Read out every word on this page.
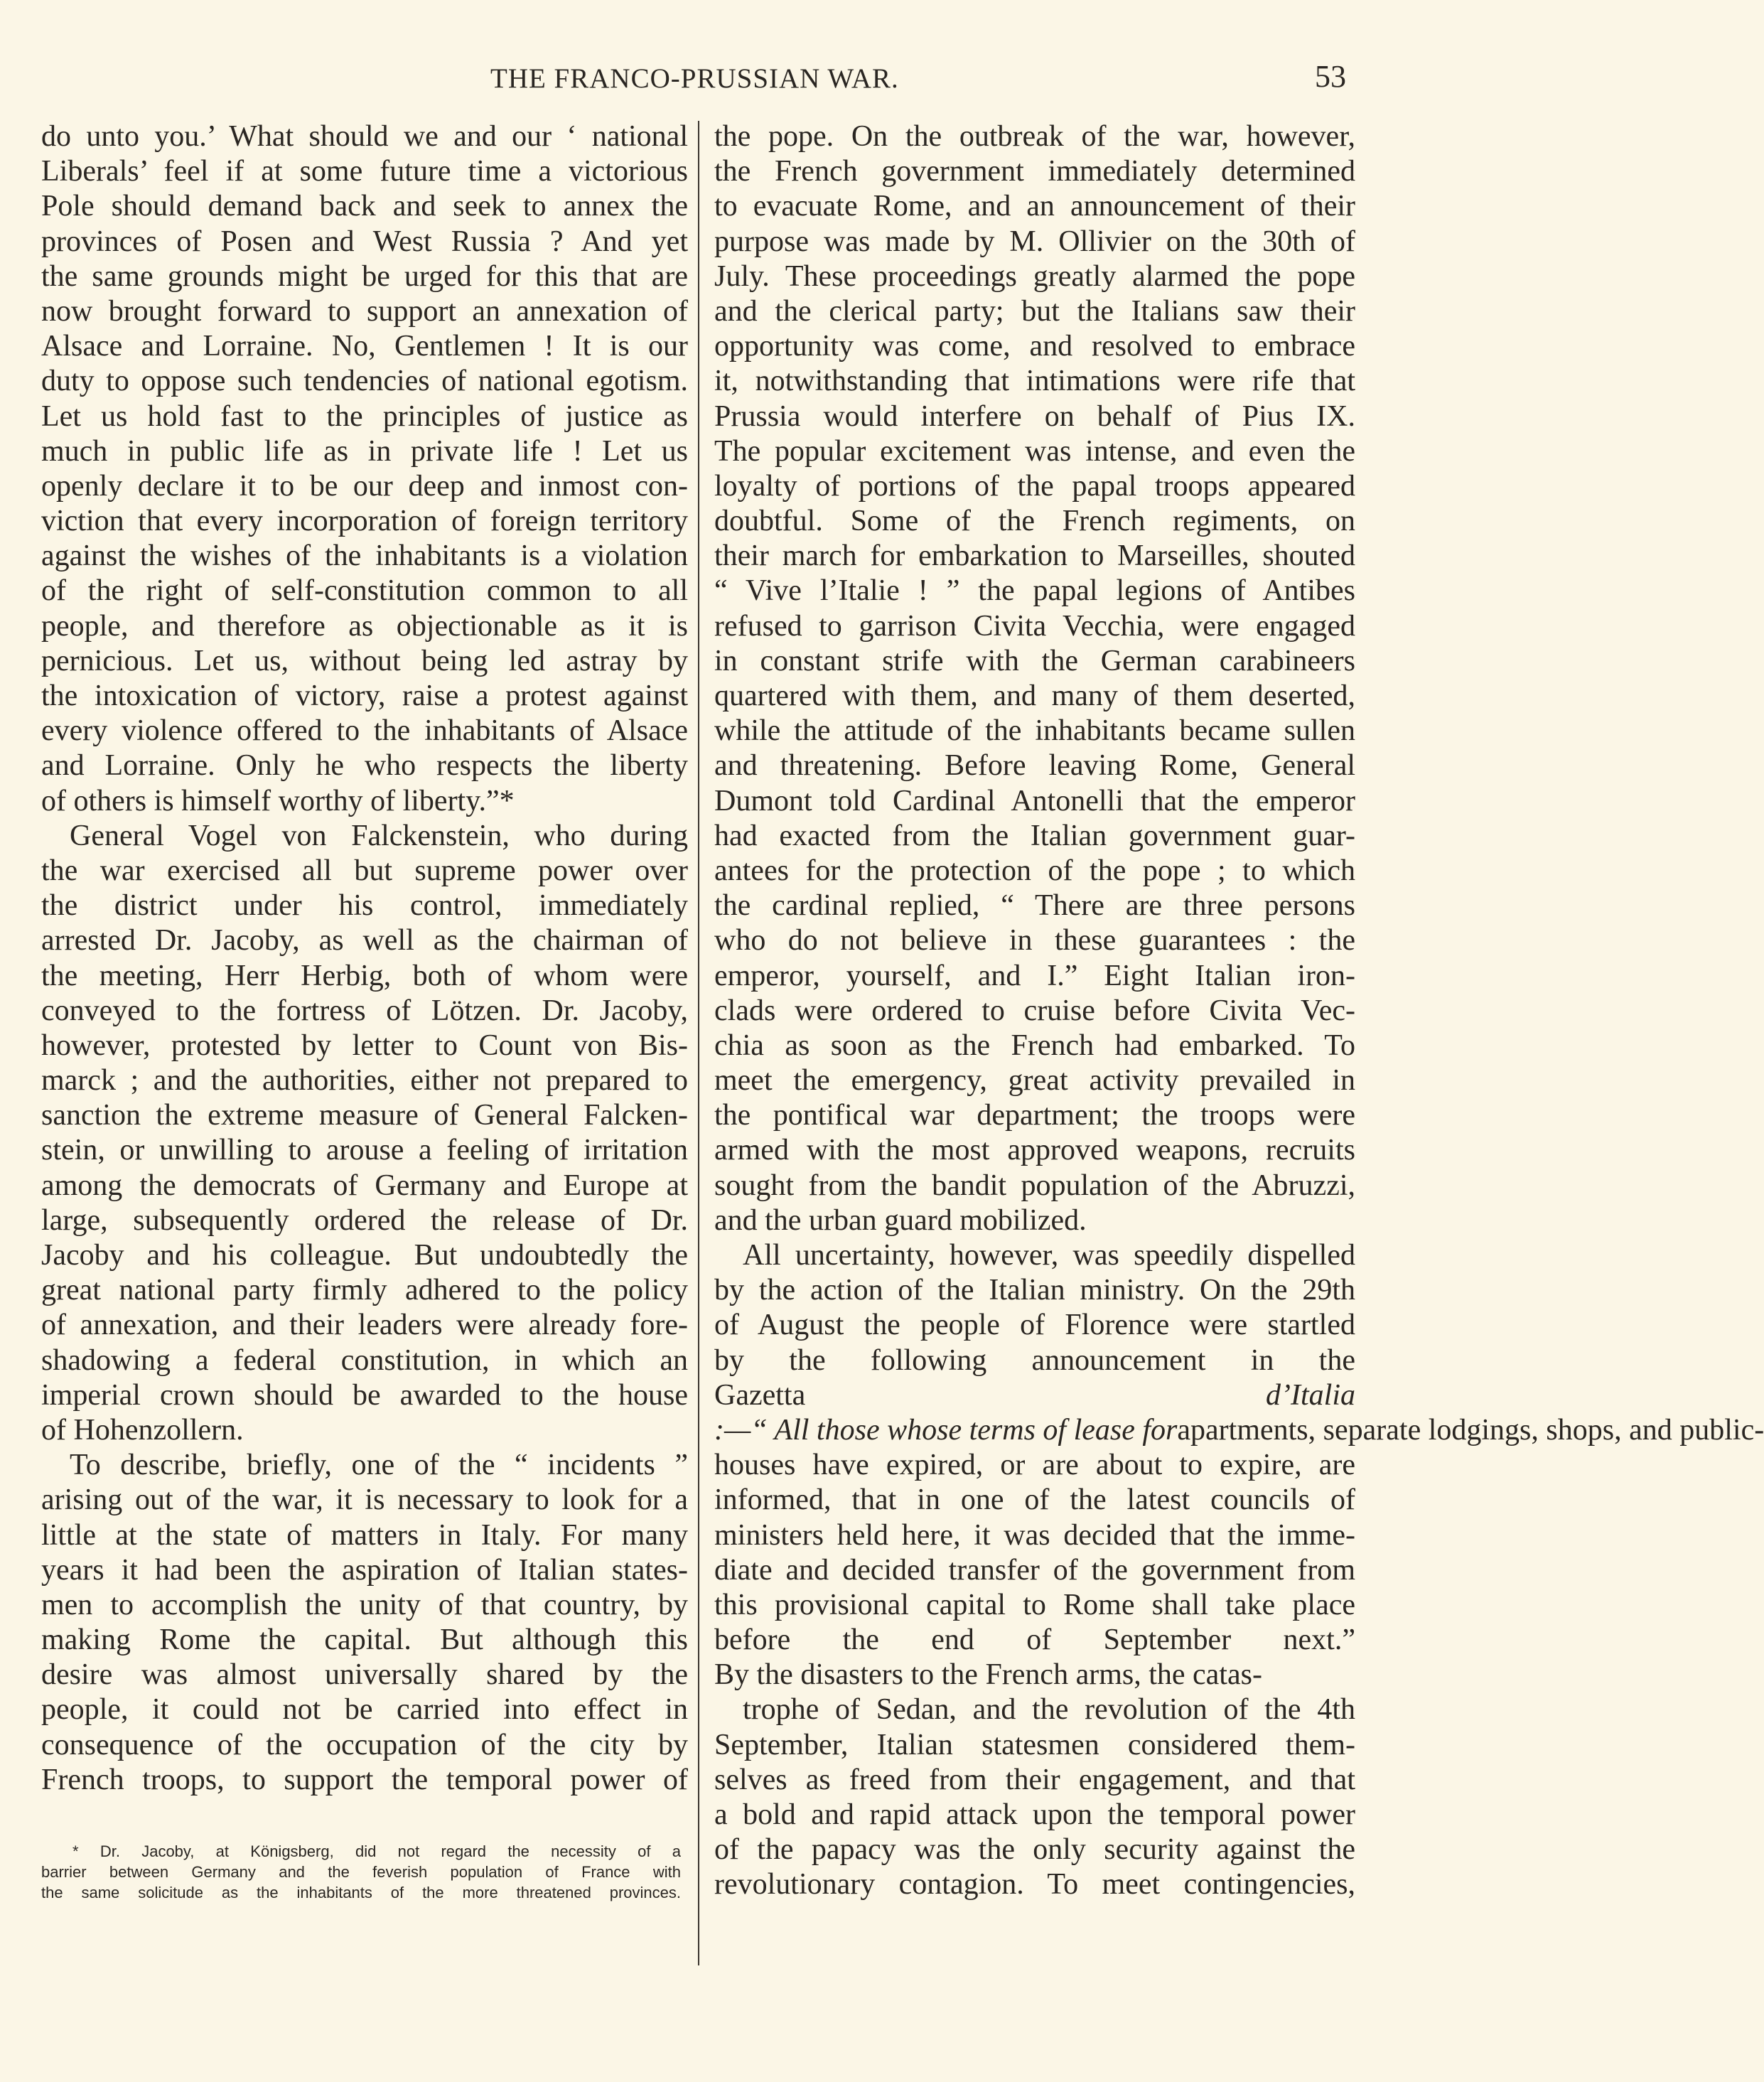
THE FRANCO-PRUSSIAN WAR.	53
do unto you.’ What should we and our ‘ national
Liberals’ feel if at some future time a victorious
Pole should demand back and seek to annex the
provinces of Posen and West Russia ? And yet
the same grounds might be urged for this that are
now brought forward to support an annexation of
Alsace and Lorraine. No, Gentlemen ! It is our
duty to oppose such tendencies of national egotism.
Let us hold fast to the principles of justice as
much in public life as in private life ! Let us
openly declare it to be our deep and inmost con-
viction that every incorporation of foreign territory
against the wishes of the inhabitants is a violation
of the right of self-constitution common to all
people, and therefore as objectionable as it is
pernicious. Let us, without being led astray by
the intoxication of victory, raise a protest against
every violence offered to the inhabitants of Alsace
and Lorraine. Only he who respects the liberty
of others is himself worthy of liberty.”*
General Vogel von Falckenstein, who during
the war exercised all but supreme power over
the district under his control, immediately
arrested Dr. Jacoby, as well as the chairman of
the meeting, Herr Herbig, both of whom were
conveyed to the fortress of Lötzen. Dr. Jacoby,
however, protested by letter to Count von Bis-
marck ; and the authorities, either not prepared to
sanction the extreme measure of General Falcken-
stein, or unwilling to arouse a feeling of irritation
among the democrats of Germany and Europe at
large, subsequently ordered the release of Dr.
Jacoby and his colleague. But undoubtedly the
great national party firmly adhered to the policy
of annexation, and their leaders were already fore-
shadowing a federal constitution, in which an
imperial crown should be awarded to the house
of Hohenzollern.
To describe, briefly, one of the “ incidents ”
arising out of the war, it is necessary to look for a
little at the state of matters in Italy. For many
years it had been the aspiration of Italian states-
men to accomplish the unity of that country, by
making Rome the capital. But although this
desire was almost universally shared by the
people, it could not be carried into effect in
consequence of the occupation of the city by
French troops, to support the temporal power of
* Dr. Jacoby, at Königsberg, did not regard the necessity of a
barrier between Germany and the feverish population of France with
the same solicitude as the inhabitants of the more threatened provinces.
the pope. On the outbreak of the war, however,
the French government immediately determined
to evacuate Rome, and an announcement of their
purpose was made by M. Ollivier on the 30th of
July. These proceedings greatly alarmed the pope
and the clerical party; but the Italians saw their
opportunity was come, and resolved to embrace
it, notwithstanding that intimations were rife that
Prussia would interfere on behalf of Pius IX.
The popular excitement was intense, and even the
loyalty of portions of the papal troops appeared
doubtful. Some of the French regiments, on
their march for embarkation to Marseilles, shouted
“ Vive l’Italie ! ” the papal legions of Antibes
refused to garrison Civita Vecchia, were engaged
in constant strife with the German carabineers
quartered with them, and many of them deserted,
while the attitude of the inhabitants became sullen
and threatening. Before leaving Rome, General
Dumont told Cardinal Antonelli that the emperor
had exacted from the Italian government guar-
antees for the protection of the pope ; to which
the cardinal replied, “ There are three persons
who do not believe in these guarantees : the
emperor, yourself, and I.” Eight Italian iron-
clads were ordered to cruise before Civita Vec-
chia as soon as the French had embarked. To
meet the emergency, great activity prevailed in
the pontifical war department; the troops were
armed with the most approved weapons, recruits
sought from the bandit population of the Abruzzi,
and the urban guard mobilized.
All uncertainty, however, was speedily dispelled
by the action of the Italian ministry. On the 29th
of August the people of Florence were startled
by the following announcement in the
Gazetta	d’Italia
:—“ All those whose terms of lease forapartments, separate lodgings, shops, and public-
houses have expired, or are about to expire, are
informed, that in one of the latest councils of
ministers held here, it was decided that the imme-
diate and decided transfer of the government from
this provisional capital to Rome shall take place
before the end of September next.”
By the disasters to the French arms, the catas-
trophe of Sedan, and the revolution of the 4th
September, Italian statesmen considered them-
selves as freed from their engagement, and that
a bold and rapid attack upon the temporal power
of the papacy was the only security against the
revolutionary contagion. To meet contingencies,
